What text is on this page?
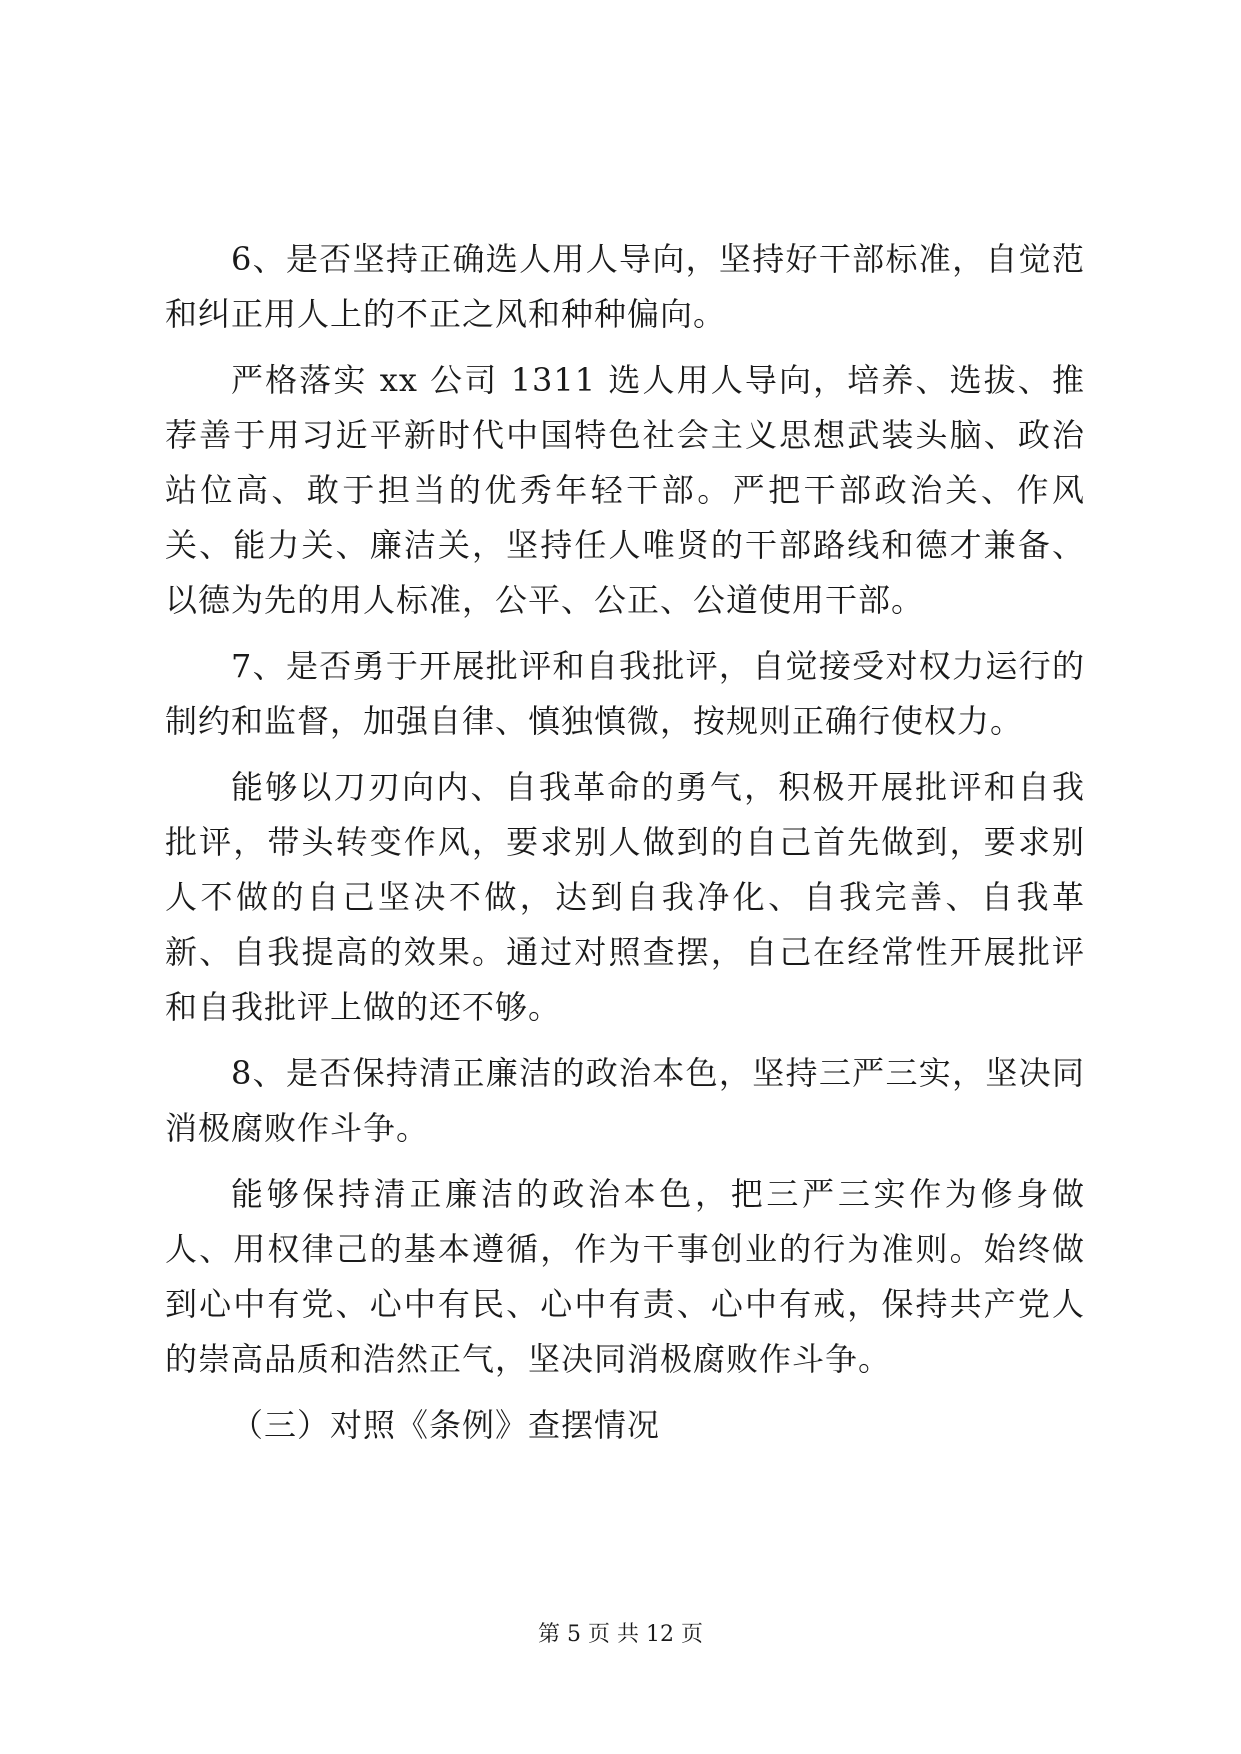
6、是否坚持正确选人用人导向，坚持好干部标准，自觉范和纠正用人上的不正之风和种种偏向。

严格落实 xx 公司 1311 选人用人导向，培养、选拔、推荐善于用习近平新时代中国特色社会主义思想武装头脑、政治站位高、敢于担当的优秀年轻干部。严把干部政治关、作风关、能力关、廉洁关，坚持任人唯贤的干部路线和德才兼备、以德为先的用人标准，公平、公正、公道使用干部。

7、是否勇于开展批评和自我批评，自觉接受对权力运行的制约和监督，加强自律、慎独慎微，按规则正确行使权力。

能够以刀刃向内、自我革命的勇气，积极开展批评和自我批评，带头转变作风，要求别人做到的自己首先做到，要求别人不做的自己坚决不做，达到自我净化、自我完善、自我革新、自我提高的效果。通过对照查摆，自己在经常性开展批评和自我批评上做的还不够。

8、是否保持清正廉洁的政治本色，坚持三严三实，坚决同消极腐败作斗争。

能够保持清正廉洁的政治本色，把三严三实作为修身做人、用权律己的基本遵循，作为干事创业的行为准则。始终做到心中有党、心中有民、心中有责、心中有戒，保持共产党人的崇高品质和浩然正气，坚决同消极腐败作斗争。

（三）对照《条例》查摆情况

第 5 页 共 12 页
